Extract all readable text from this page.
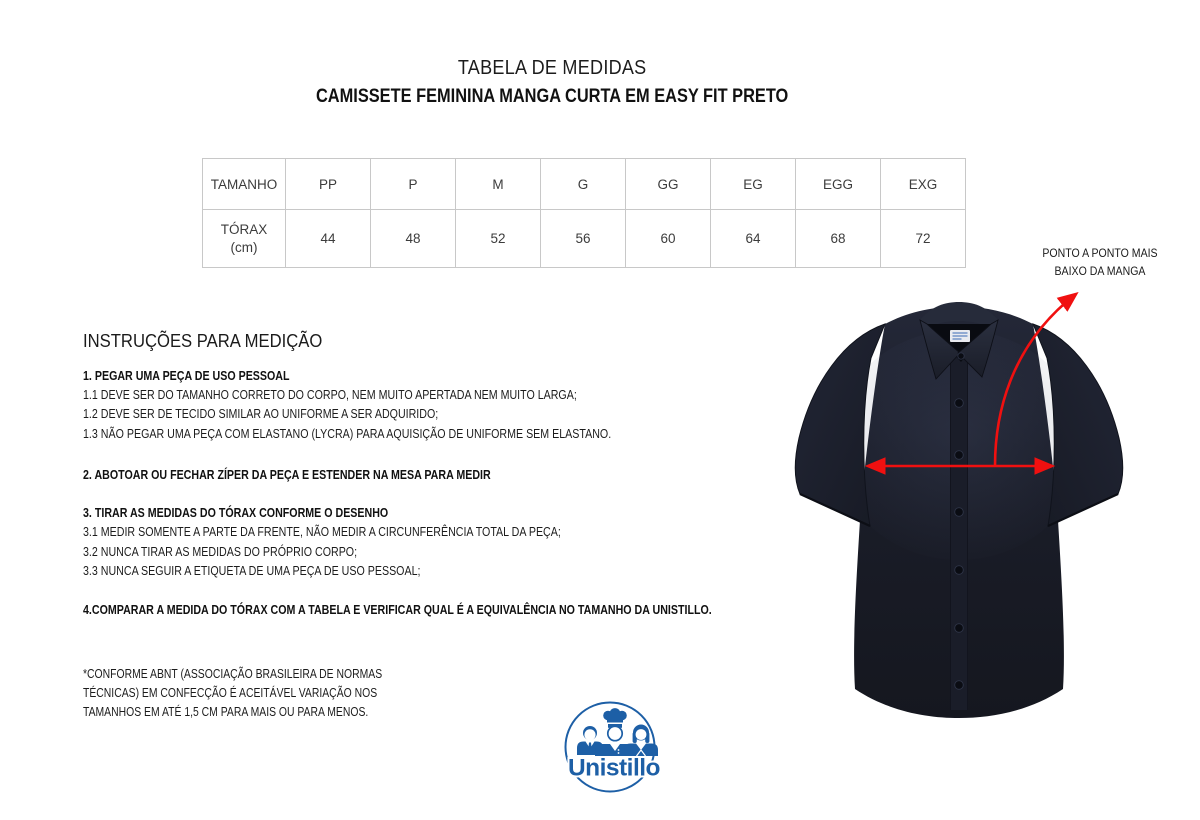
TABELA DE MEDIDAS
CAMISSETE FEMININA MANGA CURTA EM EASY FIT PRETO
TAMANHO	PP	P	M	G	GG	EG	EGG	EXG

TÓRAX
(cm)	44	48	52	56	60	64	68	72
INSTRUÇÕES PARA MEDIÇÃO
1. PEGAR UMA PEÇA DE USO PESSOAL
1.1 DEVE SER DO TAMANHO CORRETO DO CORPO, NEM MUITO APERTADA NEM MUITO LARGA;
1.2 DEVE SER DE TECIDO SIMILAR AO UNIFORME A SER ADQUIRIDO;
1.3 NÃO PEGAR UMA PEÇA COM ELASTANO (LYCRA) PARA AQUISIÇÃO DE UNIFORME SEM ELASTANO.
2. ABOTOAR OU FECHAR ZÍPER DA PEÇA E ESTENDER NA MESA PARA MEDIR
3. TIRAR AS MEDIDAS DO TÓRAX CONFORME O DESENHO
3.1 MEDIR SOMENTE A PARTE DA FRENTE, NÃO MEDIR A CIRCUNFERÊNCIA TOTAL DA PEÇA;
3.2 NUNCA TIRAR AS MEDIDAS DO PRÓPRIO CORPO;
3.3 NUNCA SEGUIR A ETIQUETA DE UMA PEÇA DE USO PESSOAL;
4.COMPARAR A MEDIDA DO TÓRAX COM A TABELA E VERIFICAR QUAL É A EQUIVALÊNCIA NO TAMANHO DA UNISTILLO.
*CONFORME ABNT (ASSOCIAÇÃO BRASILEIRA DE NORMAS
TÉCNICAS) EM CONFECÇÃO É ACEITÁVEL VARIAÇÃO NOS
TAMANHOS EM ATÉ 1,5 CM PARA MAIS OU PARA MENOS.
PONTO A PONTO MAIS
BAIXO DA MANGA
Unistillo
